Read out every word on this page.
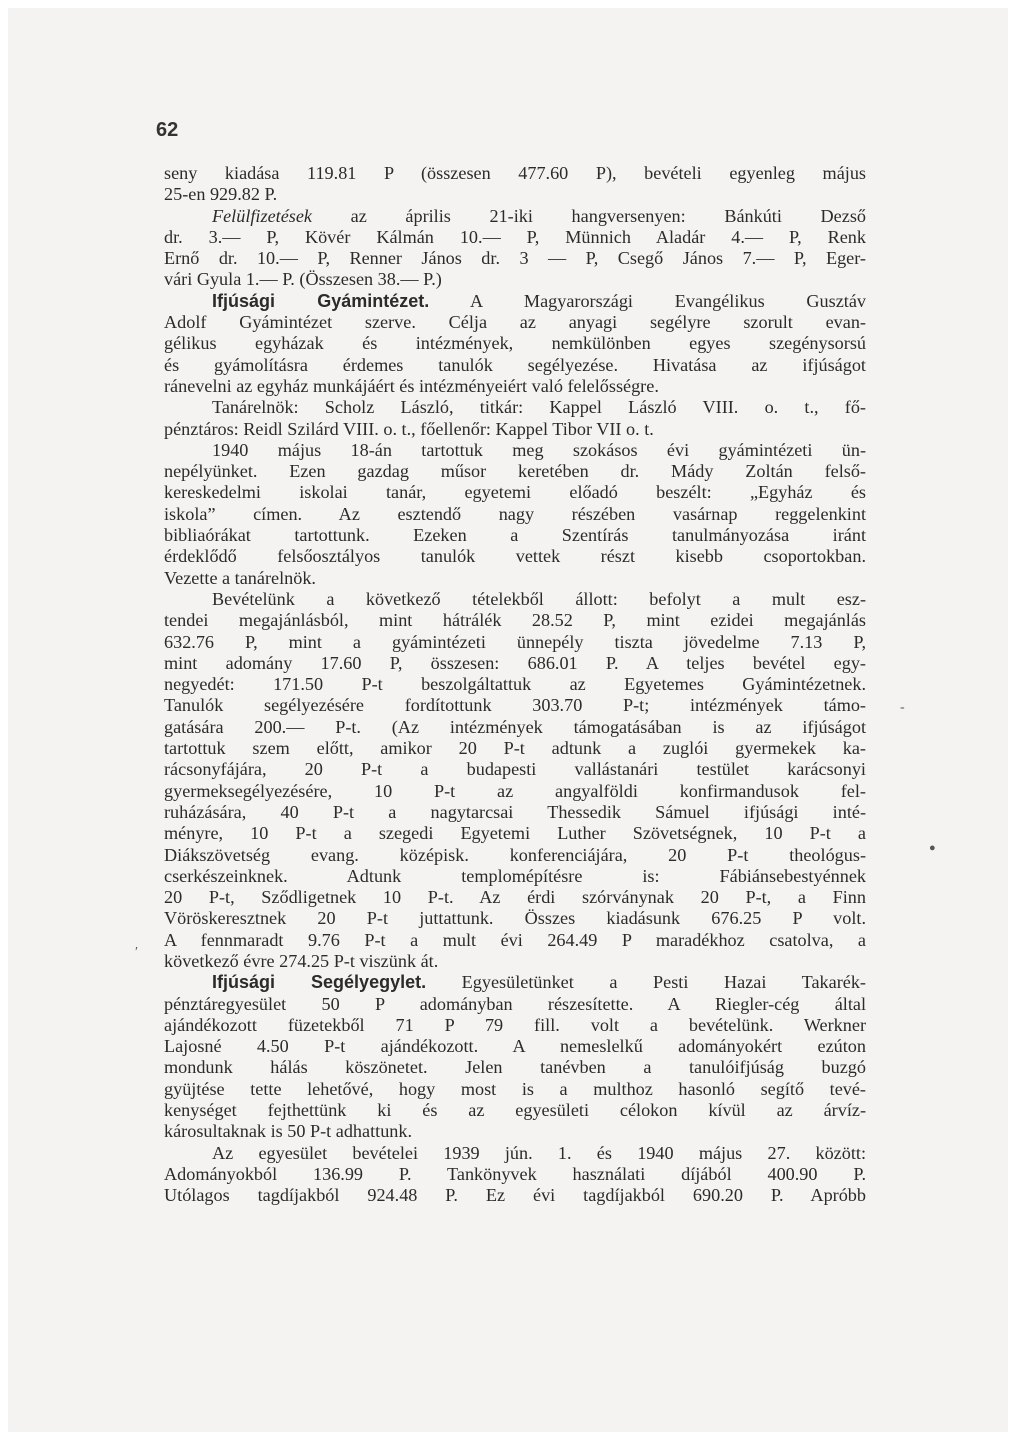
62
seny kiadása 119.81 P (összesen 477.60 P), bevételi egyenleg május
25-en 929.82 P.
Felülfizetések az április 21-iki hangversenyen: Bánkúti Dezső
dr. 3.— P, Kövér Kálmán 10.— P, Münnich Aladár 4.— P, Renk
Ernő dr. 10.— P, Renner János dr. 3 — P, Csegő János 7.— P, Eger-
vári Gyula 1.— P. (Összesen 38.— P.)
Ifjúsági Gyámintézet. A Magyarországi Evangélikus Gusztáv
Adolf Gyámintézet szerve. Célja az anyagi segélyre szorult evan-
gélikus egyházak és intézmények, nemkülönben egyes szegénysorsú
és gyámolításra érdemes tanulók segélyezése. Hivatása az ifjúságot
ránevelni az egyház munkájáért és intézményeiért való felelősségre.
Tanárelnök: Scholz László, titkár: Kappel László VIII. o. t., fő-
pénztáros: Reidl Szilárd VIII. o. t., főellenőr: Kappel Tibor VII o. t.
1940 május 18-án tartottuk meg szokásos évi gyámintézeti ün-
nepélyünket. Ezen gazdag műsor keretében dr. Mády Zoltán felső-
kereskedelmi iskolai tanár, egyetemi előadó beszélt: „Egyház és
iskola” címen. Az esztendő nagy részében vasárnap reggelenkint
bibliaórákat tartottunk. Ezeken a Szentírás tanulmányozása iránt
érdeklődő felsőosztályos tanulók vettek részt kisebb csoportokban.
Vezette a tanárelnök.
Bevételünk a következő tételekből állott: befolyt a mult esz-
tendei megajánlásból, mint hátrálék 28.52 P, mint ezidei megajánlás
632.76 P, mint a gyámintézeti ünnepély tiszta jövedelme 7.13 P,
mint adomány 17.60 P, összesen: 686.01 P. A teljes bevétel egy-
negyedét: 171.50 P-t beszolgáltattuk az Egyetemes Gyámintézetnek.
Tanulók segélyezésére fordítottunk 303.70 P-t; intézmények támo-
gatására 200.— P-t. (Az intézmények támogatásában is az ifjúságot
tartottuk szem előtt, amikor 20 P-t adtunk a zuglói gyermekek ka-
rácsonyfájára, 20 P-t a budapesti vallástanári testület karácsonyi
gyermeksegélyezésére, 10 P-t az angyalföldi konfirmandusok fel-
ruházására, 40 P-t a nagytarcsai Thessedik Sámuel ifjúsági inté-
ményre, 10 P-t a szegedi Egyetemi Luther Szövetségnek, 10 P-t a
Diákszövetség evang. középisk. konferenciájára, 20 P-t theológus-
cserkészeinknek. Adtunk templomépítésre is: Fábiánsebestyénnek
20 P-t, Sződligetnek 10 P-t. Az érdi szórványnak 20 P-t, a Finn
Vöröskeresztnek 20 P-t juttattunk. Összes kiadásunk 676.25 P volt.
A fennmaradt 9.76 P-t a mult évi 264.49 P maradékhoz csatolva, a
következő évre 274.25 P-t viszünk át.
Ifjúsági Segélyegylet. Egyesületünket a Pesti Hazai Takarék-
pénztáregyesület 50 P adományban részesítette. A Riegler-cég által
ajándékozott füzetekből 71 P 79 fill. volt a bevételünk. Werkner
Lajosné 4.50 P-t ajándékozott. A nemeslelkű adományokért ezúton
mondunk hálás köszönetet. Jelen tanévben a tanulóifjúság buzgó
gyüjtése tette lehetővé, hogy most is a multhoz hasonló segítő tevé-
kenységet fejthettünk ki és az egyesületi célokon kívül az árvíz-
károsultaknak is 50 P-t adhattunk.
Az egyesület bevételei 1939 jún. 1. és 1940 május 27. között:
Adományokból 136.99 P. Tankönyvek használati díjából 400.90 P.
Utólagos tagdíjakból 924.48 P. Ez évi tagdíjakból 690.20 P. Apróbb
●
-
′
